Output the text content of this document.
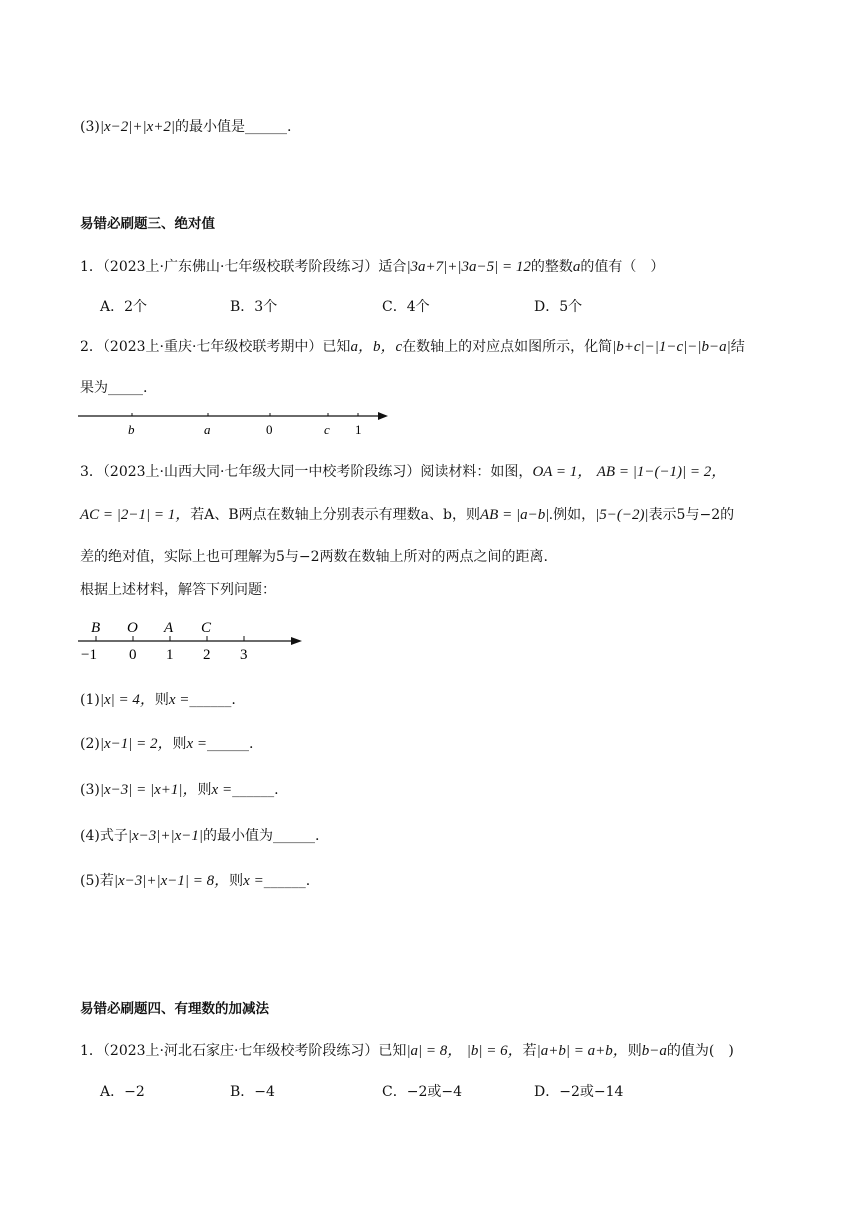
(3)|x−2|+|x+2|的最小值是______.
易错必刷题三、绝对值
1．（2023上·广东佛山·七年级校联考阶段练习）适合|3a+7|+|3a−5| = 12的整数a的值有（　）
A．2个	B．3个	C．4个	D．5个
2．（2023上·重庆·七年级校联考期中）已知a，b，c在数轴上的对应点如图所示，化简|b+c|−|1−c|−|b−a|结
果为_____.
b	a	0	c 1
3．（2023上·山西大同·七年级大同一中校考阶段练习）阅读材料：如图，OA = 1， AB = |1−(−1)| = 2，
AC = |2−1| = 1，若A、B两点在数轴上分别表示有理数a、b，则AB = |a−b|.例如，|5−(−2)|表示5与−2的
差的绝对值，实际上也可理解为5与−2两数在数轴上所对的两点之间的距离.
根据上述材料，解答下列问题：
B O A C
−1 0 1 2 3
(1)|x| = 4，则x =______.
(2)|x−1| = 2，则x =______.
(3)|x−3| = |x+1|，则x =______.
(4)式子|x−3|+|x−1|的最小值为______.
(5)若|x−3|+|x−1| = 8，则x =______.
易错必刷题四、有理数的加减法
1．（2023上·河北石家庄·七年级校考阶段练习）已知|a| = 8， |b| = 6，若|a+b| = a+b，则b−a的值为(　)
A．−2	B．−4	C．−2或−4	D．−2或−14
